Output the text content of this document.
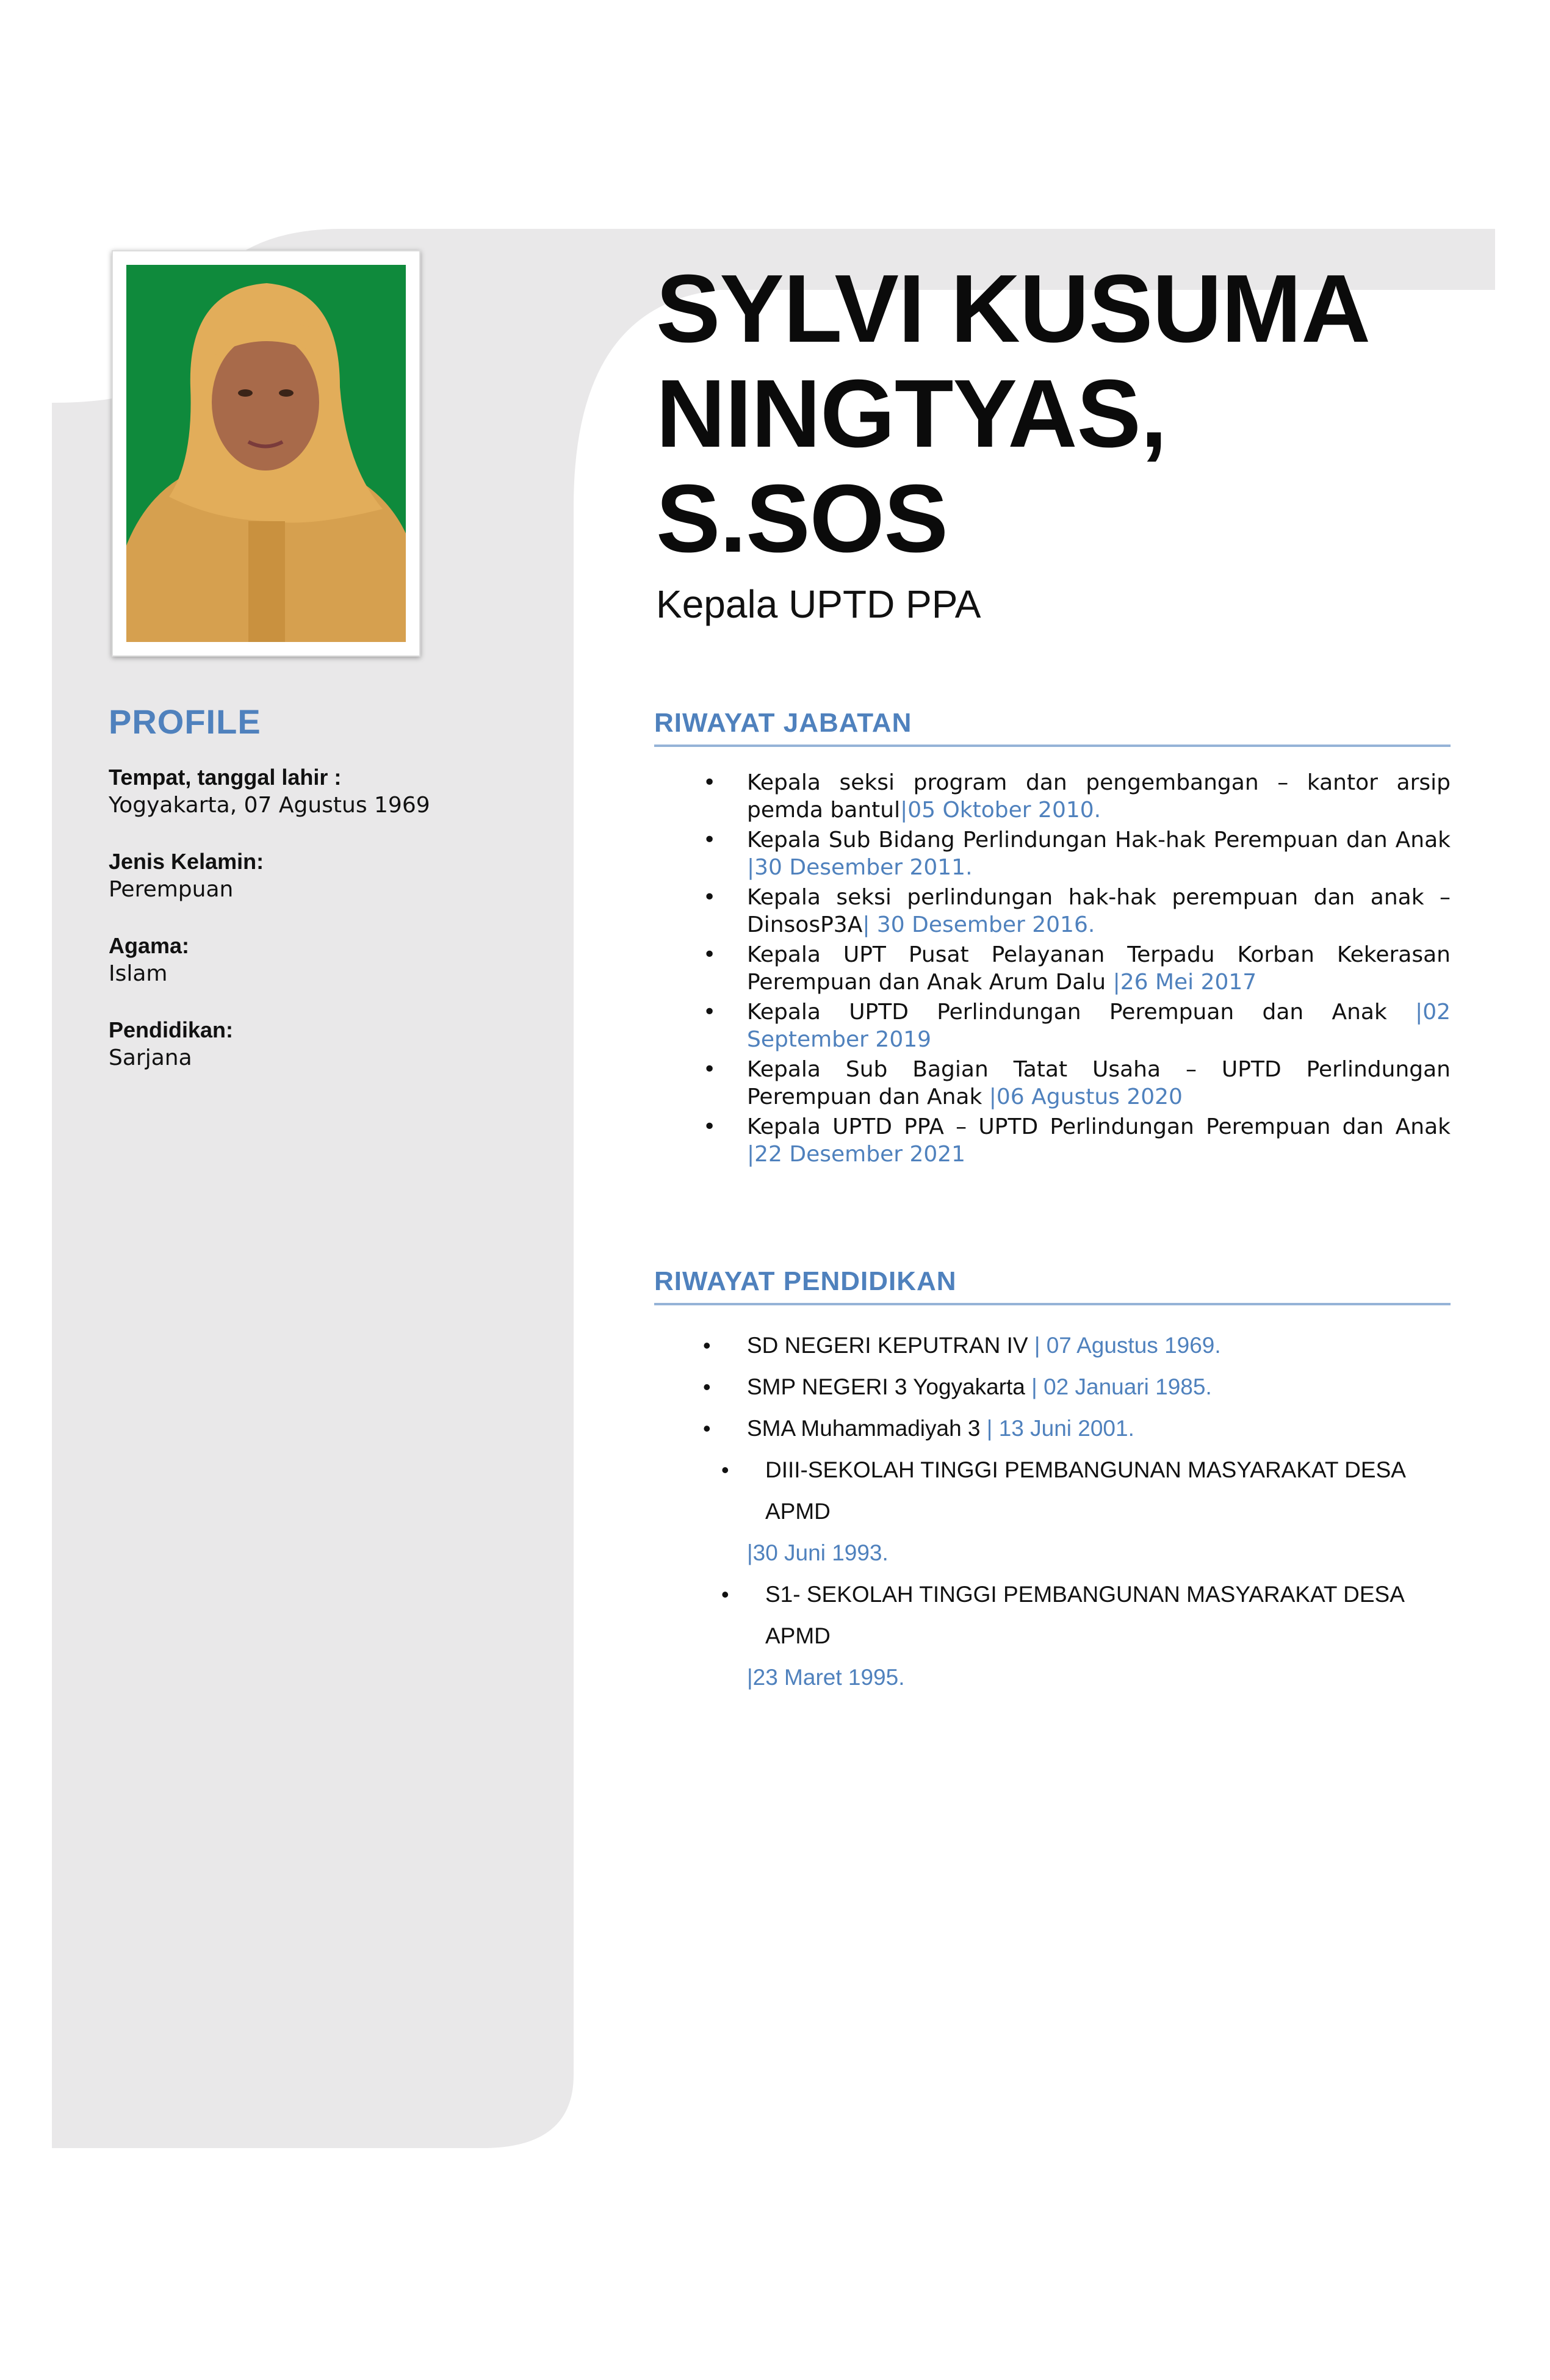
PROFILE
Tempat, tanggal lahir :
Yogyakarta, 07 Agustus 1969
Jenis Kelamin:
Perempuan
Agama:
Islam
Pendidikan:
Sarjana
SYLVI KUSUMA
NINGTYAS,
S.SOS
Kepala UPTD PPA
RIWAYAT JABATAN
• Kepala seksi program dan pengembangan – kantor arsip pemda bantul|05 Oktober 2010.
• Kepala Sub Bidang Perlindungan Hak-hak Perempuan dan Anak |30 Desember 2011.
• Kepala seksi perlindungan hak-hak perempuan dan anak – DinsosP3A| 30 Desember 2016.
• Kepala UPT Pusat Pelayanan Terpadu Korban Kekerasan Perempuan dan Anak Arum Dalu |26 Mei 2017
• Kepala UPTD Perlindungan Perempuan dan Anak |02 September 2019
• Kepala Sub Bagian Tatat Usaha – UPTD Perlindungan Perempuan dan Anak |06 Agustus 2020
• Kepala UPTD PPA – UPTD Perlindungan Perempuan dan Anak |22 Desember 2021
RIWAYAT PENDIDIKAN
• SD NEGERI KEPUTRAN IV | 07 Agustus 1969.
• SMP NEGERI 3 Yogyakarta | 02 Januari 1985.
• SMA Muhammadiyah 3 | 13 Juni 2001.
• DIII-SEKOLAH TINGGI PEMBANGUNAN MASYARAKAT DESA APMD
|30 Juni 1993.
• S1- SEKOLAH TINGGI PEMBANGUNAN MASYARAKAT DESA APMD
|23 Maret 1995.
